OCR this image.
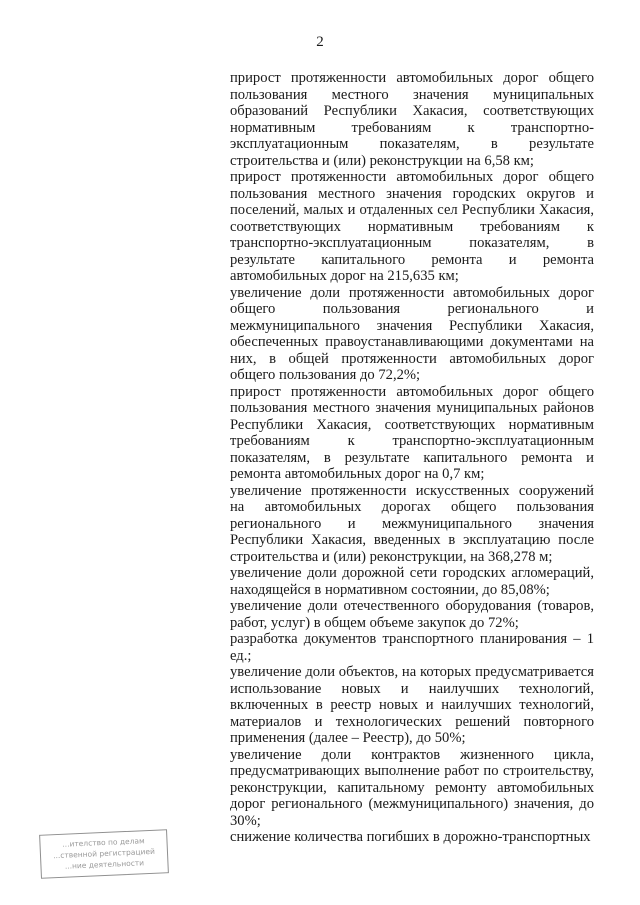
2

прирост протяженности автомобильных дорог общего пользования местного значения муниципальных образований Республики Хакасия, соответствующих нормативным требованиям к транспортно-эксплуатационным показателям, в результате строительства и (или) реконструкции на 6,58 км;

прирост протяженности автомобильных дорог общего пользования местного значения городских округов и поселений, малых и отдаленных сел Республики Хакасия, соответствующих нормативным требованиям к транспортно-эксплуатационным показателям, в результате капитального ремонта и ремонта автомобильных дорог на 215,635 км;

увеличение доли протяженности автомобильных дорог общего пользования регионального и межмуниципального значения Республики Хакасия, обеспеченных правоустанавливающими документами на них, в общей протяженности автомобильных дорог общего пользования до 72,2%;

прирост протяженности автомобильных дорог общего пользования местного значения муниципальных районов Республики Хакасия, соответствующих нормативным требованиям к транспортно-эксплуатационным показателям, в результате капитального ремонта и ремонта автомобильных дорог на 0,7 км;

увеличение протяженности искусственных сооружений на автомобильных дорогах общего пользования регионального и межмуниципального значения Республики Хакасия, введенных в эксплуатацию после строительства и (или) реконструкции, на 368,278 м;

увеличение доли дорожной сети городских агломераций, находящейся в нормативном состоянии, до 85,08%;

увеличение доли отечественного оборудования (товаров, работ, услуг) в общем объеме закупок до 72%;

разработка документов транспортного планирования – 1 ед.;

увеличение доли объектов, на которых предусматривается использование новых и наилучших технологий, включенных в реестр новых и наилучших технологий, материалов и технологических решений повторного применения (далее – Реестр), до 50%;

увеличение доли контрактов жизненного цикла, предусматривающих выполнение работ по строительству, реконструкции, капитальному ремонту автомобильных дорог регионального (межмуниципального) значения, до 30%;

снижение количества погибших в дорожно-транспортных

...ителство по делам
...ственной регистрацией
...ние деятельности
